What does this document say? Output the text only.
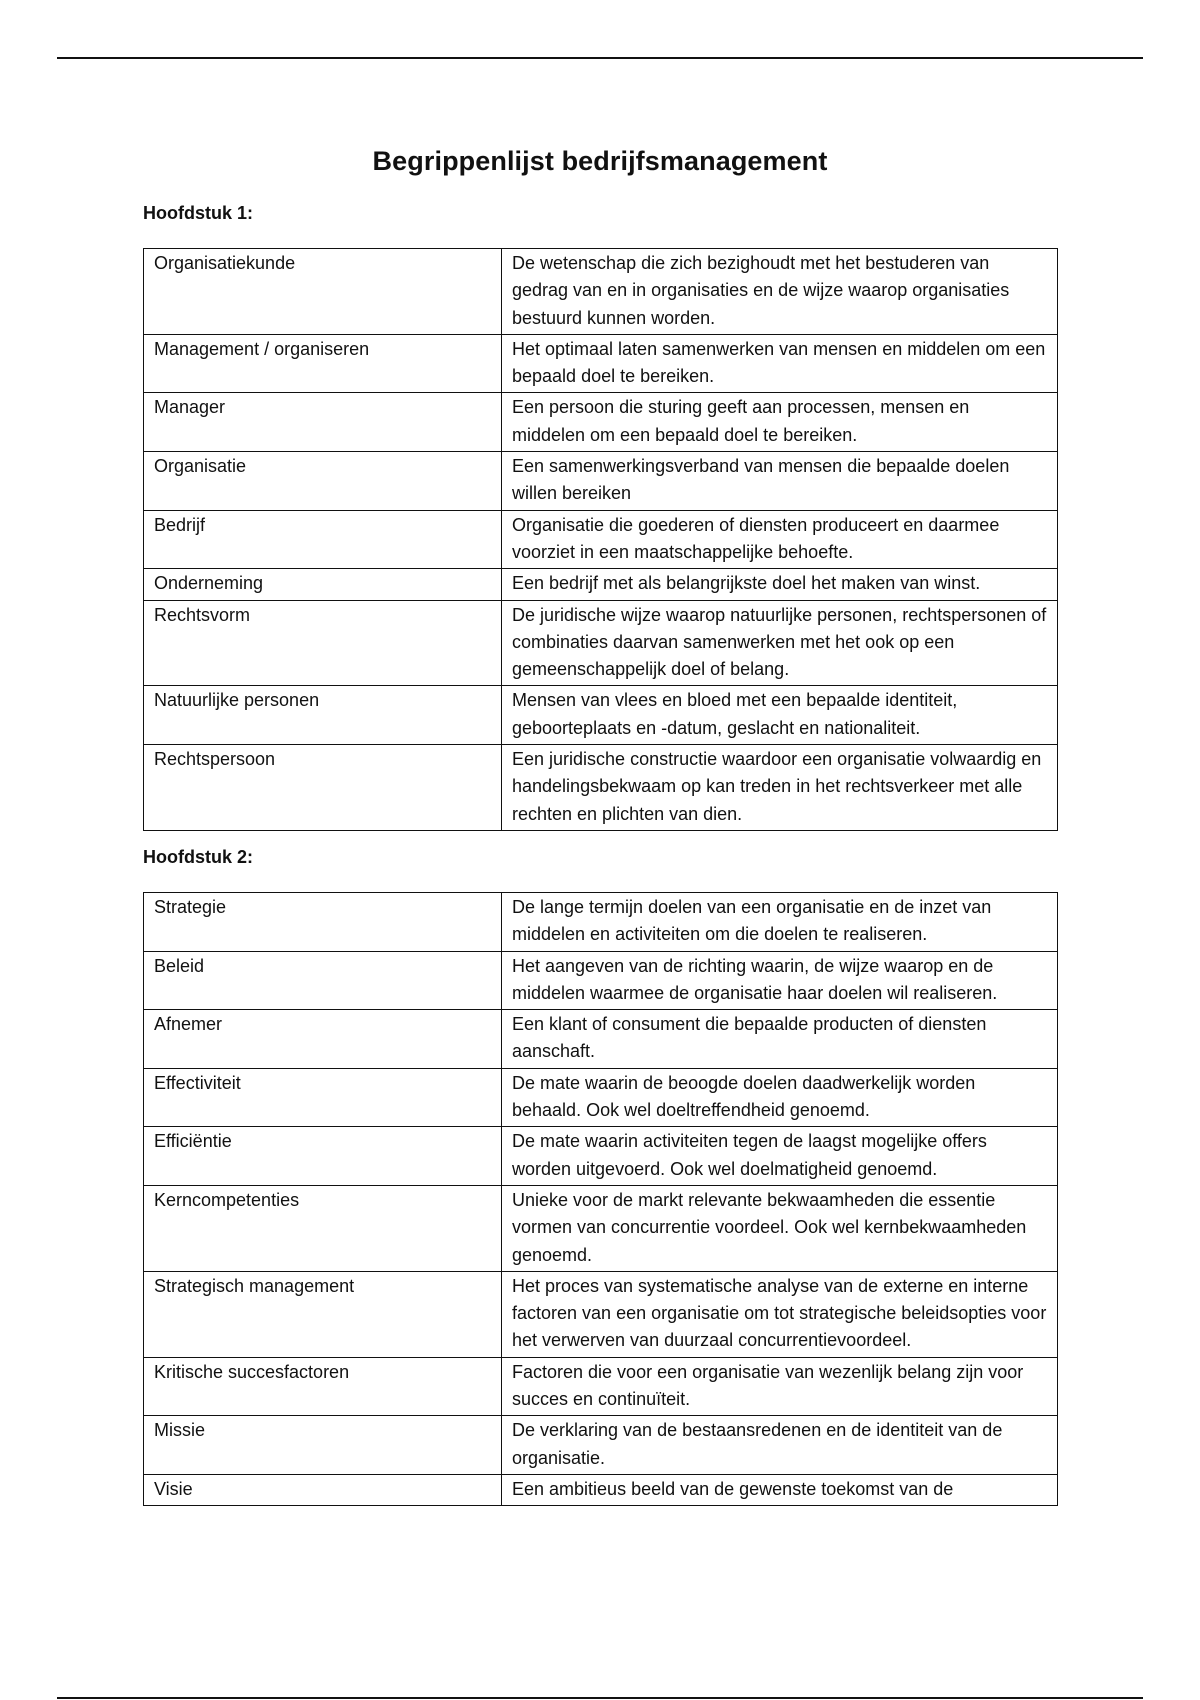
Begrippenlijst bedrijfsmanagement

Hoofdstuk 1:

Organisatiekunde	De wetenschap die zich bezighoudt met het bestuderen van gedrag van en in organisaties en de wijze waarop organisaties bestuurd kunnen worden.
Management / organiseren	Het optimaal laten samenwerken van mensen en middelen om een bepaald doel te bereiken.
Manager	Een persoon die sturing geeft aan processen, mensen en middelen om een bepaald doel te bereiken.
Organisatie	Een samenwerkingsverband van mensen die bepaalde doelen willen bereiken
Bedrijf	Organisatie die goederen of diensten produceert en daarmee voorziet in een maatschappelijke behoefte.
Onderneming	Een bedrijf met als belangrijkste doel het maken van winst.
Rechtsvorm	De juridische wijze waarop natuurlijke personen, rechtspersonen of combinaties daarvan samenwerken met het ook op een gemeenschappelijk doel of belang.
Natuurlijke personen	Mensen van vlees en bloed met een bepaalde identiteit, geboorteplaats en -datum, geslacht en nationaliteit.
Rechtspersoon	Een juridische constructie waardoor een organisatie volwaardig en handelingsbekwaam op kan treden in het rechtsverkeer met alle rechten en plichten van dien.

Hoofdstuk 2:

Strategie	De lange termijn doelen van een organisatie en de inzet van middelen en activiteiten om die doelen te realiseren.
Beleid	Het aangeven van de richting waarin, de wijze waarop en de middelen waarmee de organisatie haar doelen wil realiseren.
Afnemer	Een klant of consument die bepaalde producten of diensten aanschaft.
Effectiviteit	De mate waarin de beoogde doelen daadwerkelijk worden behaald. Ook wel doeltreffendheid genoemd.
Efficiëntie	De mate waarin activiteiten tegen de laagst mogelijke offers worden uitgevoerd. Ook wel doelmatigheid genoemd.
Kerncompetenties	Unieke voor de markt relevante bekwaamheden die essentie vormen van concurrentie voordeel. Ook wel kernbekwaamheden genoemd.
Strategisch management	Het proces van systematische analyse van de externe en interne factoren van een organisatie om tot strategische beleidsopties voor het verwerven van duurzaal concurrentievoordeel.
Kritische succesfactoren	Factoren die voor een organisatie van wezenlijk belang zijn voor succes en continuïteit.
Missie	De verklaring van de bestaansredenen en de identiteit van de organisatie.
Visie	Een ambitieus beeld van de gewenste toekomst van de
